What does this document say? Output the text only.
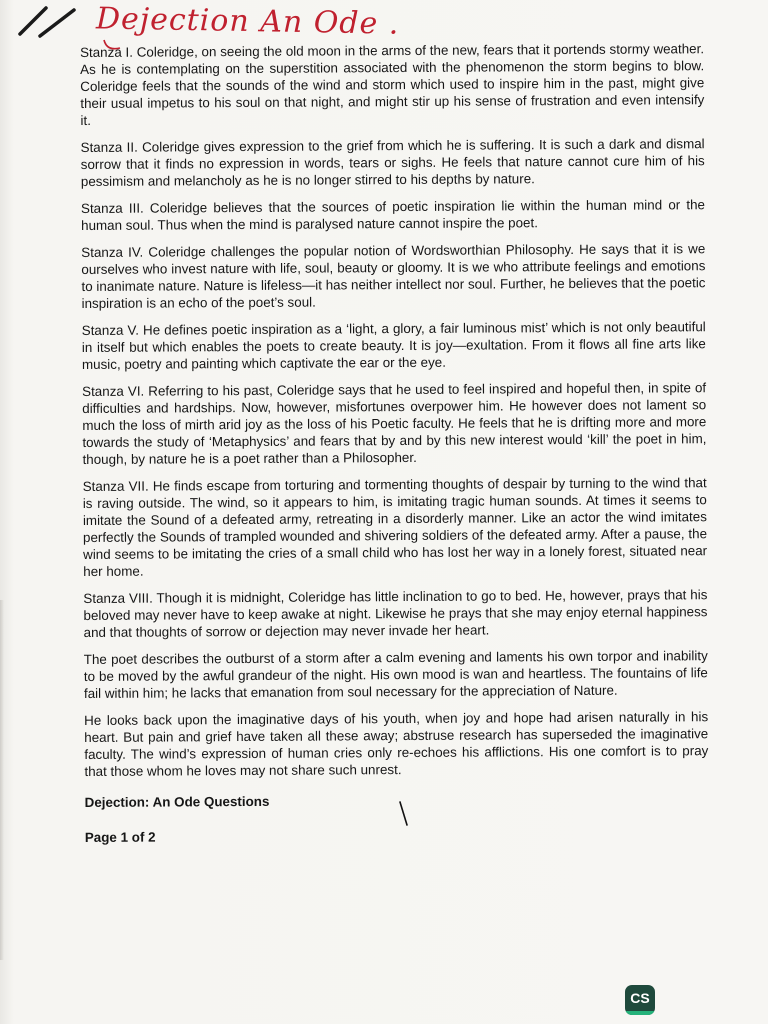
Dejection An Ode .

Stanza I. Coleridge, on seeing the old moon in the arms of the new, fears that it portends stormy weather. As he is contemplating on the superstition associated with the phenomenon the storm begins to blow. Coleridge feels that the sounds of the wind and storm which used to inspire him in the past, might give their usual impetus to his soul on that night, and might stir up his sense of frustration and even intensify it.

Stanza II. Coleridge gives expression to the grief from which he is suffering. It is such a dark and dismal sorrow that it finds no expression in words, tears or sighs. He feels that nature cannot cure him of his pessimism and melancholy as he is no longer stirred to his depths by nature.

Stanza III. Coleridge believes that the sources of poetic inspiration lie within the human mind or the human soul. Thus when the mind is paralysed nature cannot inspire the poet.

Stanza IV. Coleridge challenges the popular notion of Wordsworthian Philosophy. He says that it is we ourselves who invest nature with life, soul, beauty or gloomy. It is we who attribute feelings and emotions to inanimate nature. Nature is lifeless—it has neither intellect nor soul. Further, he believes that the poetic inspiration is an echo of the poet’s soul.

Stanza V. He defines poetic inspiration as a ‘light, a glory, a fair luminous mist’ which is not only beautiful in itself but which enables the poets to create beauty. It is joy—exultation. From it flows all fine arts like music, poetry and painting which captivate the ear or the eye.

Stanza VI. Referring to his past, Coleridge says that he used to feel inspired and hopeful then, in spite of difficulties and hardships. Now, however, misfortunes overpower him. He however does not lament so much the loss of mirth arid joy as the loss of his Poetic faculty. He feels that he is drifting more and more towards the study of ‘Metaphysics’ and fears that by and by this new interest would ‘kill’ the poet in him, though, by nature he is a poet rather than a Philosopher.

Stanza VII. He finds escape from torturing and tormenting thoughts of despair by turning to the wind that is raving outside. The wind, so it appears to him, is imitating tragic human sounds. At times it seems to imitate the Sound of a defeated army, retreating in a disorderly manner. Like an actor the wind imitates perfectly the Sounds of trampled wounded and shivering soldiers of the defeated army. After a pause, the wind seems to be imitating the cries of a small child who has lost her way in a lonely forest, situated near her home.

Stanza VIII. Though it is midnight, Coleridge has little inclination to go to bed. He, however, prays that his beloved may never have to keep awake at night. Likewise he prays that she may enjoy eternal happiness and that thoughts of sorrow or dejection may never invade her heart.

The poet describes the outburst of a storm after a calm evening and laments his own torpor and inability to be moved by the awful grandeur of the night. His own mood is wan and heartless. The fountains of life fail within him; he lacks that emanation from soul necessary for the appreciation of Nature.

He looks back upon the imaginative days of his youth, when joy and hope had arisen naturally in his heart. But pain and grief have taken all these away; abstruse research has superseded the imaginative faculty. The wind’s expression of human cries only re-echoes his afflictions. His one comfort is to pray that those whom he loves may not share such unrest.

Dejection: An Ode Questions

Page 1 of 2

CS
